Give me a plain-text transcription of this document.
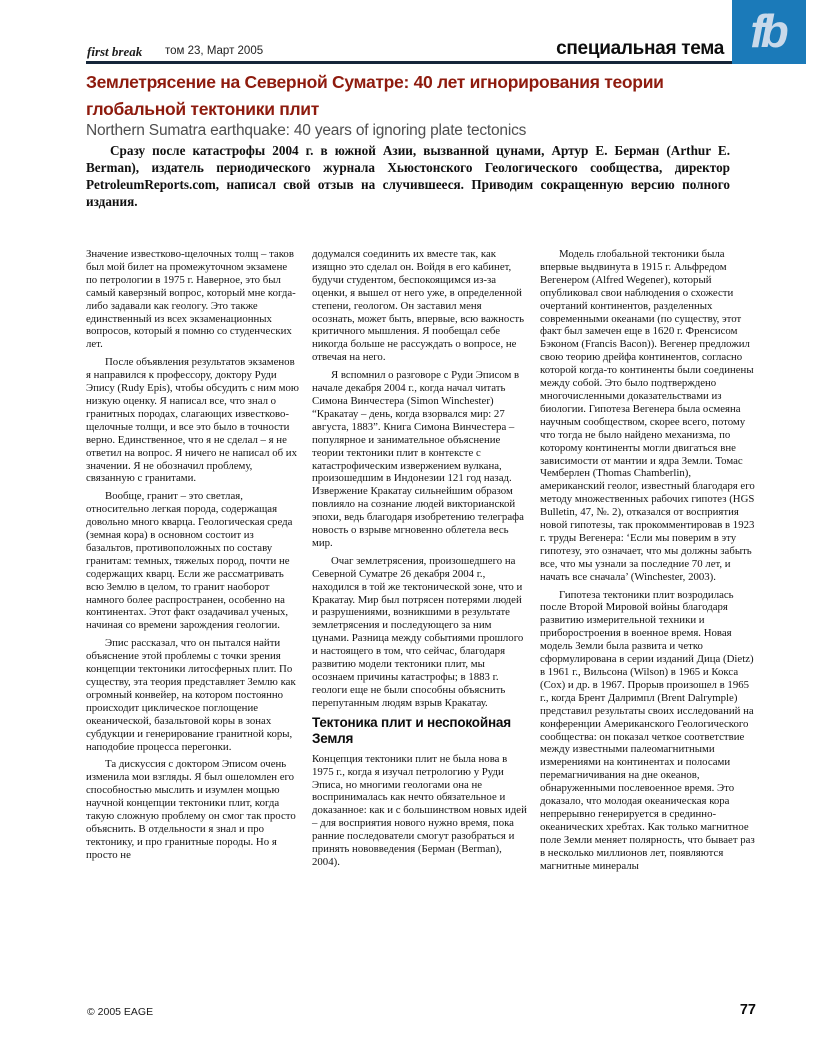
first break том 23, Март 2005	специальная тема fb
Землетрясение на Северной Суматре: 40 лет игнорирования теории
глобальной тектоники плит
Northern Sumatra earthquake: 40 years of ignoring plate tectonics
Сразу после катастрофы 2004 г. в южной Азии, вызванной цунами, Артур Е. Берман (Arthur E. Berman), издатель периодического журнала Хьюстонского Геологического сообщества, директор PetroleumReports.com, написал свой отзыв на случившееся. Приводим сокращенную версию полного издания.

Значение известково-щелочных толщ – таков был мой билет на промежуточном экзамене по петрологии в 1975 г. Наверное, это был самый каверзный вопрос, который мне когда-либо задавали как геологу. Это также единственный из всех экзаменационных вопросов, который я помню со студенческих лет.

После объявления результатов экзаменов я направился к профессору, доктору Руди Эпису (Rudy Epis), чтобы обсудить с ним мою низкую оценку. Я написал все, что знал о гранитных породах, слагающих известково-щелочные толщи, и все это было в точности верно. Единственное, что я не сделал – я не ответил на вопрос. Я ничего не написал об их значении. Я не обозначил проблему, связанную с гранитами.

Вообще, гранит – это светлая, относительно легкая порода, содержащая довольно много кварца. Геологическая среда (земная кора) в основном состоит из базальтов, противоположных по составу гранитам: темных, тяжелых пород, почти не содержащих кварц. Если же рассматривать всю Землю в целом, то гранит наоборот намного более распространен, особенно на континентах. Этот факт озадачивал ученых, начиная со времени зарождения геологии.

Эпис рассказал, что он пытался найти объяснение этой проблемы с точки зрения концепции тектоники литосферных плит. По существу, эта теория представляет Землю как огромный конвейер, на котором постоянно происходит циклическое поглощение океанической, базальтовой коры в зонах субдукции и генерирование гранитной коры, наподобие процесса перегонки.

Та дискуссия с доктором Эписом очень изменила мои взгляды. Я был ошеломлен его способностью мыслить и изумлен мощью научной концепции тектоники плит, когда такую сложную проблему он смог так просто объяснить. В отдельности я знал и про тектонику, и про гранитные породы. Но я просто не

додумался соединить их вместе так, как изящно это сделал он. Войдя в его кабинет, будучи студентом, беспокоящимся из-за оценки, я вышел от него уже, в определенной степени, геологом. Он заставил меня осознать, может быть, впервые, всю важность критичного мышления. Я пообещал себе никогда больше не рассуждать о вопросе, не отвечая на него.

Я вспомнил о разговоре с Руди Эписом в начале декабря 2004 г., когда начал читать Симона Винчестера (Simon Winchester) “Кракатау – день, когда взорвался мир: 27 августа, 1883”. Книга Симона Винчестера – популярное и занимательное объяснение теории тектоники плит в контексте с катастрофическим извержением вулкана, произошедшим в Индонезии 121 год назад. Извержение Кракатау сильнейшим образом повлияло на сознание людей викторианской эпохи, ведь благодаря изобретению телеграфа новость о взрыве мгновенно облетела весь мир.

Очаг землетрясения, произошедшего на Северной Суматре 26 декабря 2004 г., находился в той же тектонической зоне, что и Кракатау. Мир был потрясен потерями людей и разрушениями, возникшими в результате землетрясения и последующего за ним цунами. Разница между событиями прошлого и настоящего в том, что сейчас, благодаря развитию модели тектоники плит, мы осознаем причины катастрофы; в 1883 г. геологи еще не были способны объяснить перепутанным людям взрыв Кракатау.

Тектоника плит и неспокойная Земля

Концепция тектоники плит не была нова в 1975 г., когда я изучал петрологию у Руди Эписа, но многими геологами она не воспринималась как нечто обязательное и доказанное: как и с большинством новых идей – для восприятия нового нужно время, пока ранние последователи смогут разобраться и принять нововведения (Берман (Berman), 2004).

Модель глобальной тектоники была впервые выдвинута в 1915 г. Альфредом Вегенером (Alfred Wegener), который опубликовал свои наблюдения о схожести очертаний континентов, разделенных современными океанами (по существу, этот факт был замечен еще в 1620 г. Френсисом Бэконом (Francis Bacon)). Вегенер предложил свою теорию дрейфа континентов, согласно которой когда-то континенты были соединены между собой. Это было подтверждено многочисленными доказательствами из биологии. Гипотеза Вегенера была осмеяна научным сообществом, скорее всего, потому что тогда не было найдено механизма, по которому континенты могли двигаться вне зависимости от мантии и ядра Земли. Томас Чемберлен (Thomas Chamberlin), американский геолог, известный благодаря его методу множественных рабочих гипотез (HGS Bulletin, 47, №. 2), отказался от восприятия новой гипотезы, так прокомментировав в 1923 г. труды Вегенера: ‘Если мы поверим в эту гипотезу, это означает, что мы должны забыть все, что мы узнали за последние 70 лет, и начать все сначала’ (Winchester, 2003).

Гипотеза тектоники плит возродилась после Второй Мировой войны благодаря развитию измерительной техники и приборостроения в военное время. Новая модель Земли была развита и четко сформулирована в серии изданий Дица (Dietz) в 1961 г., Вильсона (Wilson) в 1965 и Кокса (Cox) и др. в 1967. Прорыв произошел в 1965 г., когда Брент Далримпл (Brent Dalrymple) представил результаты своих исследований на конференции Американского Геологического сообщества: он показал четкое соответствие между известными палеомагнитными измерениями на континентах и полосами перемагничивания на дне океанов, обнаруженными послевоенное время. Это доказало, что молодая океаническая кора непрерывно генерируется в срединно-океанических хребтах. Как только магнитное поле Земли меняет полярность, что бывает раз в несколько миллионов лет, появляются магнитные минералы

© 2005 EAGE	77
